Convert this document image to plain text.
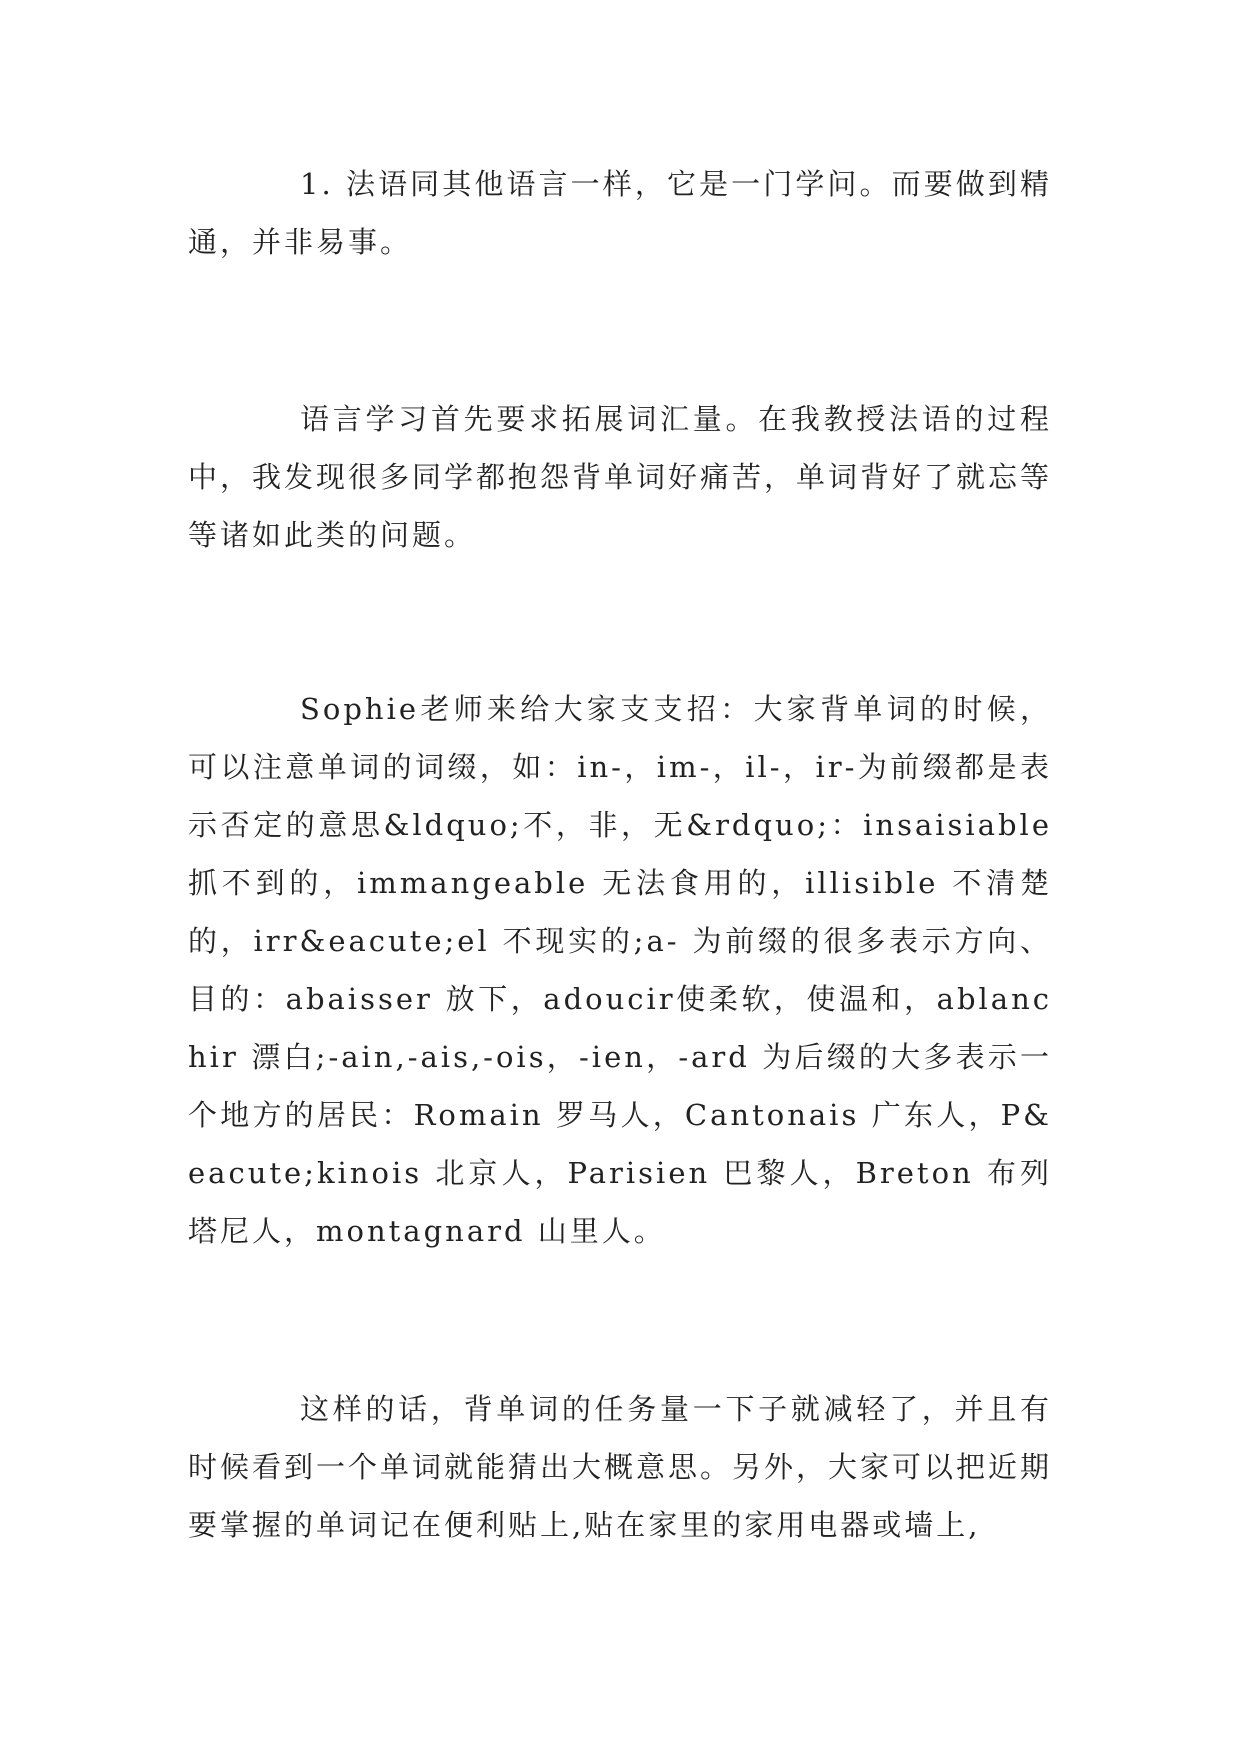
1. 法语同其他语言一样，它是一门学问。而要做到精通，并非易事。

语言学习首先要求拓展词汇量。在我教授法语的过程中，我发现很多同学都抱怨背单词好痛苦，单词背好了就忘等等诸如此类的问题。

Sophie老师来给大家支支招：大家背单词的时候，可以注意单词的词缀，如：in-，im-，il-，ir-为前缀都是表示否定的意思&ldquo;不，非，无&rdquo;：insaisiable 抓不到的，immangeable 无法食用的，illisible 不清楚的，irr&eacute;el 不现实的;a- 为前缀的很多表示方向、目的：abaisser 放下，adoucir使柔软，使温和，ablanchir 漂白;-ain,-ais,-ois，-ien，-ard 为后缀的大多表示一个地方的居民：Romain 罗马人，Cantonais 广东人，P&eacute;kinois 北京人，Parisien 巴黎人，Breton 布列塔尼人，montagnard 山里人。

这样的话，背单词的任务量一下子就减轻了，并且有时候看到一个单词就能猜出大概意思。另外，大家可以把近期要掌握的单词记在便利贴上,贴在家里的家用电器或墙上,
